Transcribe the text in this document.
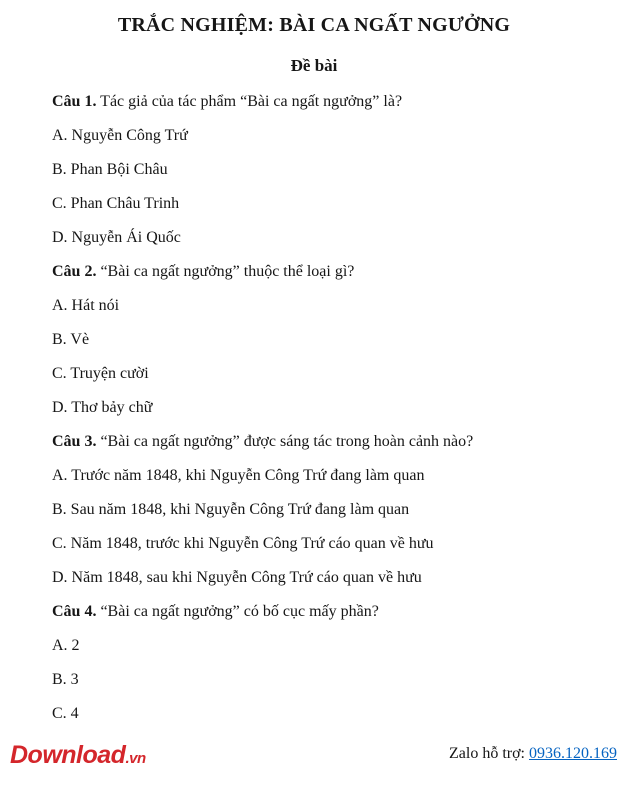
TRẮC NGHIỆM: BÀI CA NGẤT NGƯỞNG
Đề bài

Câu 1. Tác giả của tác phẩm “Bài ca ngất ngưởng” là?

A. Nguyễn Công Trứ

B. Phan Bội Châu

C. Phan Châu Trinh

D. Nguyễn Ái Quốc

Câu 2. “Bài ca ngất ngưởng” thuộc thể loại gì?

A. Hát nói

B. Vè

C. Truyện cười

D. Thơ bảy chữ

Câu 3. “Bài ca ngất ngưởng” được sáng tác trong hoàn cảnh nào?

A. Trước năm 1848, khi Nguyễn Công Trứ đang làm quan

B. Sau năm 1848, khi Nguyễn Công Trứ đang làm quan

C. Năm 1848, trước khi Nguyễn Công Trứ cáo quan về hưu

D. Năm 1848, sau khi Nguyễn Công Trứ cáo quan về hưu

Câu 4. “Bài ca ngất ngưởng” có bố cục mấy phần?

A. 2

B. 3

C. 4

Download.vn	Zalo hỗ trợ: 0936.120.169
